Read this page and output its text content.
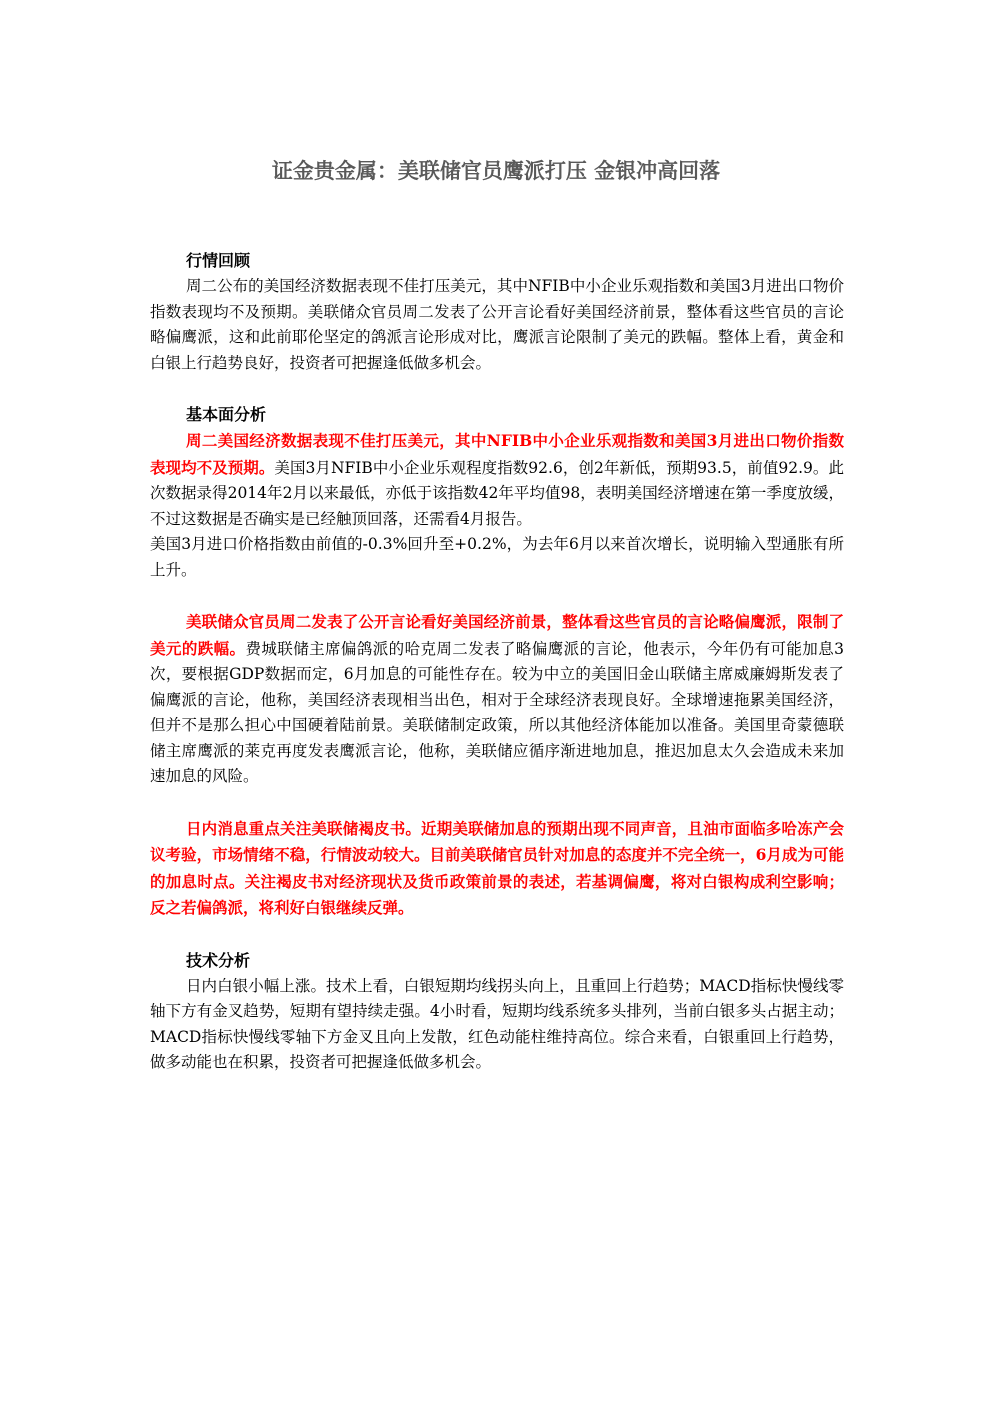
证金贵金属：美联储官员鹰派打压 金银冲高回落
行情回顾

周二公布的美国经济数据表现不佳打压美元，其中NFIB中小企业乐观指数和美国3月进出口物价指数表现均不及预期。美联储众官员周二发表了公开言论看好美国经济前景，整体看这些官员的言论略偏鹰派，这和此前耶伦坚定的鸽派言论形成对比，鹰派言论限制了美元的跌幅。整体上看，黄金和白银上行趋势良好，投资者可把握逢低做多机会。

基本面分析

周二美国经济数据表现不佳打压美元，其中NFIB中小企业乐观指数和美国3月进出口物价指数表现均不及预期。美国3月NFIB中小企业乐观程度指数92.6，创2年新低，预期93.5，前值92.9。此次数据录得2014年2月以来最低，亦低于该指数42年平均值98，表明美国经济增速在第一季度放缓，不过这数据是否确实是已经触顶回落，还需看4月报告。

美国3月进口价格指数由前值的-0.3%回升至+0.2%，为去年6月以来首次增长，说明输入型通胀有所上升。

美联储众官员周二发表了公开言论看好美国经济前景，整体看这些官员的言论略偏鹰派，限制了美元的跌幅。费城联储主席偏鸽派的哈克周二发表了略偏鹰派的言论，他表示，今年仍有可能加息3次，要根据GDP数据而定，6月加息的可能性存在。较为中立的美国旧金山联储主席威廉姆斯发表了偏鹰派的言论，他称，美国经济表现相当出色，相对于全球经济表现良好。全球增速拖累美国经济，但并不是那么担心中国硬着陆前景。美联储制定政策，所以其他经济体能加以准备。美国里奇蒙德联储主席鹰派的莱克再度发表鹰派言论，他称，美联储应循序渐进地加息，推迟加息太久会造成未来加速加息的风险。

日内消息重点关注美联储褐皮书。近期美联储加息的预期出现不同声音，且油市面临多哈冻产会议考验，市场情绪不稳，行情波动较大。目前美联储官员针对加息的态度并不完全统一，6月成为可能的加息时点。关注褐皮书对经济现状及货币政策前景的表述，若基调偏鹰，将对白银构成利空影响；反之若偏鸽派，将利好白银继续反弹。

技术分析

日内白银小幅上涨。技术上看，白银短期均线拐头向上，且重回上行趋势；MACD指标快慢线零轴下方有金叉趋势，短期有望持续走强。4小时看，短期均线系统多头排列，当前白银多头占据主动；MACD指标快慢线零轴下方金叉且向上发散，红色动能柱维持高位。综合来看，白银重回上行趋势，做多动能也在积累，投资者可把握逢低做多机会。
